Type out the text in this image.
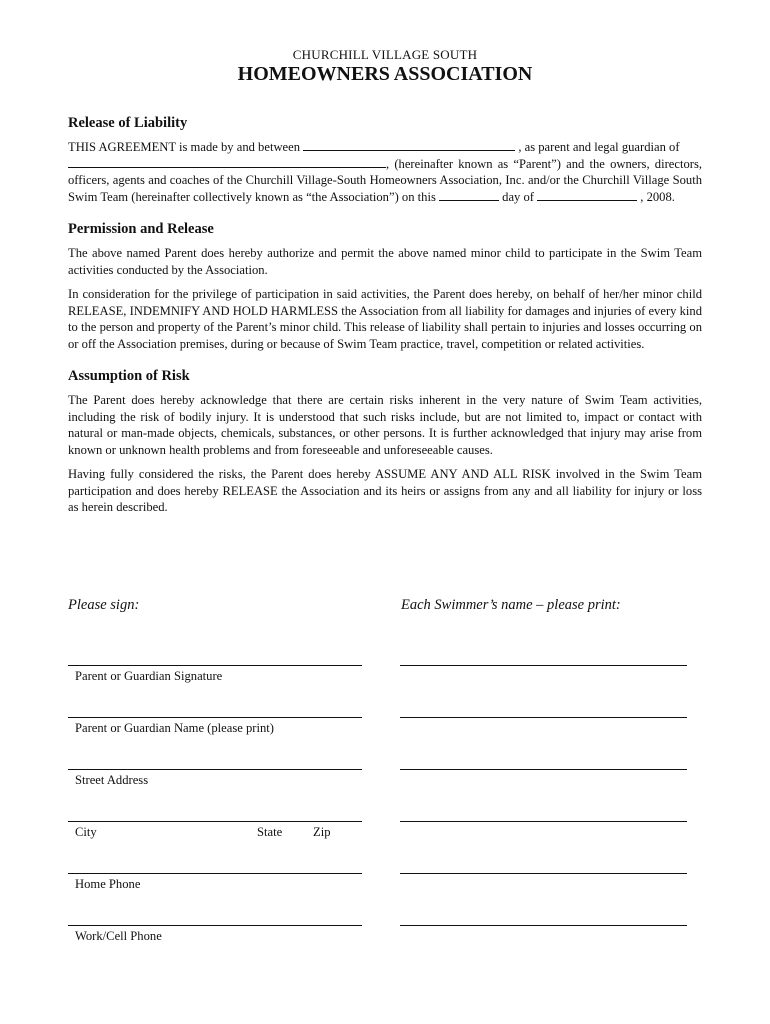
CHURCHILL VILLAGE SOUTH
HOMEOWNERS ASSOCIATION
Release of Liability

THIS AGREEMENT is made by and between	, as parent and legal guardian of
, (hereinafter known as “Parent”) and the owners, directors, officers, agents and coaches of the Churchill Village-South Homeowners Association, Inc. and/or the Churchill Village South Swim Team (hereinafter collectively known as “the Association”) on this	day of	, 2008.

Permission and Release

The above named Parent does hereby authorize and permit the above named minor child to participate in the Swim Team activities conducted by the Association.

In consideration for the privilege of participation in said activities, the Parent does hereby, on behalf of her/her minor child RELEASE, INDEMNIFY AND HOLD HARMLESS the Association from all liability for damages and injuries of every kind to the person and property of the Parent’s minor child. This release of liability shall pertain to injuries and losses occurring on or off the Association premises, during or because of Swim Team practice, travel, competition or related activities.

Assumption of Risk

The Parent does hereby acknowledge that there are certain risks inherent in the very nature of Swim Team activities, including the risk of bodily injury. It is understood that such risks include, but are not limited to, impact or contact with natural or man-made objects, chemicals, substances, or other persons. It is further acknowledged that injury may arise from known or unknown health problems and from foreseeable and unforeseeable causes.

Having fully considered the risks, the Parent does hereby ASSUME ANY AND ALL RISK involved in the Swim Team participation and does hereby RELEASE the Association and its heirs or assigns from any and all liability for injury or loss as herein described.

Please sign:	Each Swimmer’s name – please print:
Parent or Guardian Signature
Parent or Guardian Name (please print)
Street Address
City	State Zip
Home Phone
Work/Cell Phone
